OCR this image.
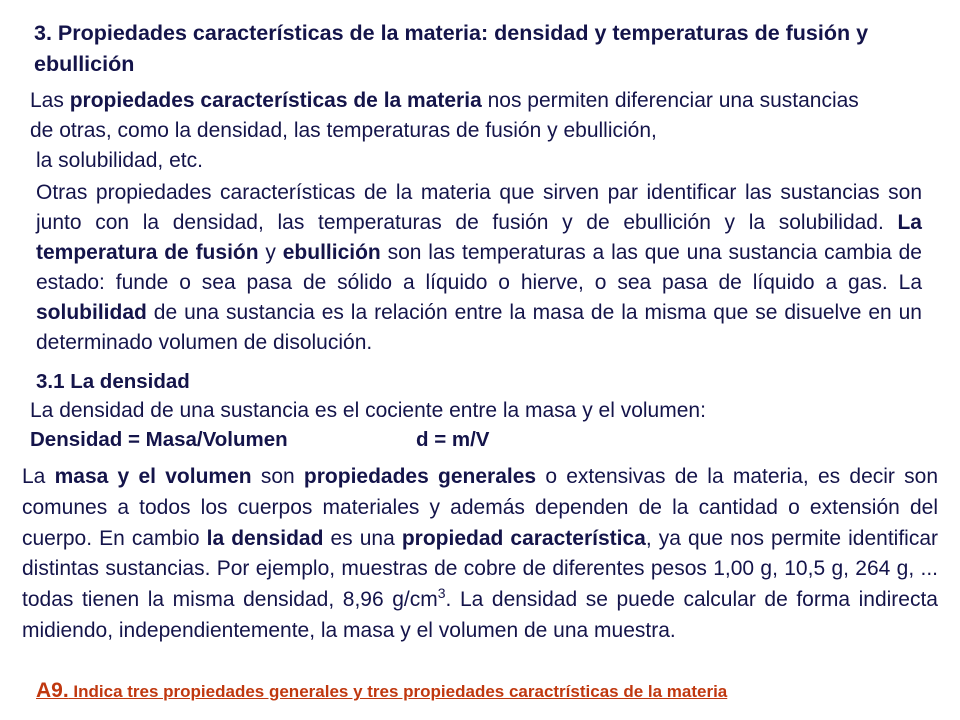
3. Propiedades características de la materia: densidad y temperaturas de fusión y ebullición
Las propiedades características de la materia nos permiten diferenciar una sustancias de otras, como la densidad, las temperaturas de fusión y ebullición,
la solubilidad, etc.
Otras propiedades características de la materia que sirven par identificar las sustancias son junto con la densidad, las temperaturas de fusión y de ebullición y la solubilidad. La temperatura de fusión y ebullición son las temperaturas a las que una sustancia cambia de estado: funde o sea pasa de sólido a líquido o hierve, o sea pasa de líquido a gas. La solubilidad de una sustancia es la relación entre la masa de la misma que se disuelve en un determinado volumen de disolución.
3.1 La densidad
La densidad de una sustancia es el cociente entre la masa y el volumen:
Densidad = Masa/Volumen	d = m/V
La masa y el volumen son propiedades generales o extensivas de la materia, es decir son comunes a todos los cuerpos materiales y además dependen de la cantidad o extensión del cuerpo. En cambio la densidad es una propiedad característica, ya que nos permite identificar distintas sustancias. Por ejemplo, muestras de cobre de diferentes pesos 1,00 g, 10,5 g, 264 g, ... todas tienen la misma densidad, 8,96 $g/cm^3$. La densidad se puede calcular de forma indirecta midiendo, independientemente, la masa y el volumen de una muestra.
A9. Indica tres propiedades generales y tres propiedades caractrísticas de la materia
